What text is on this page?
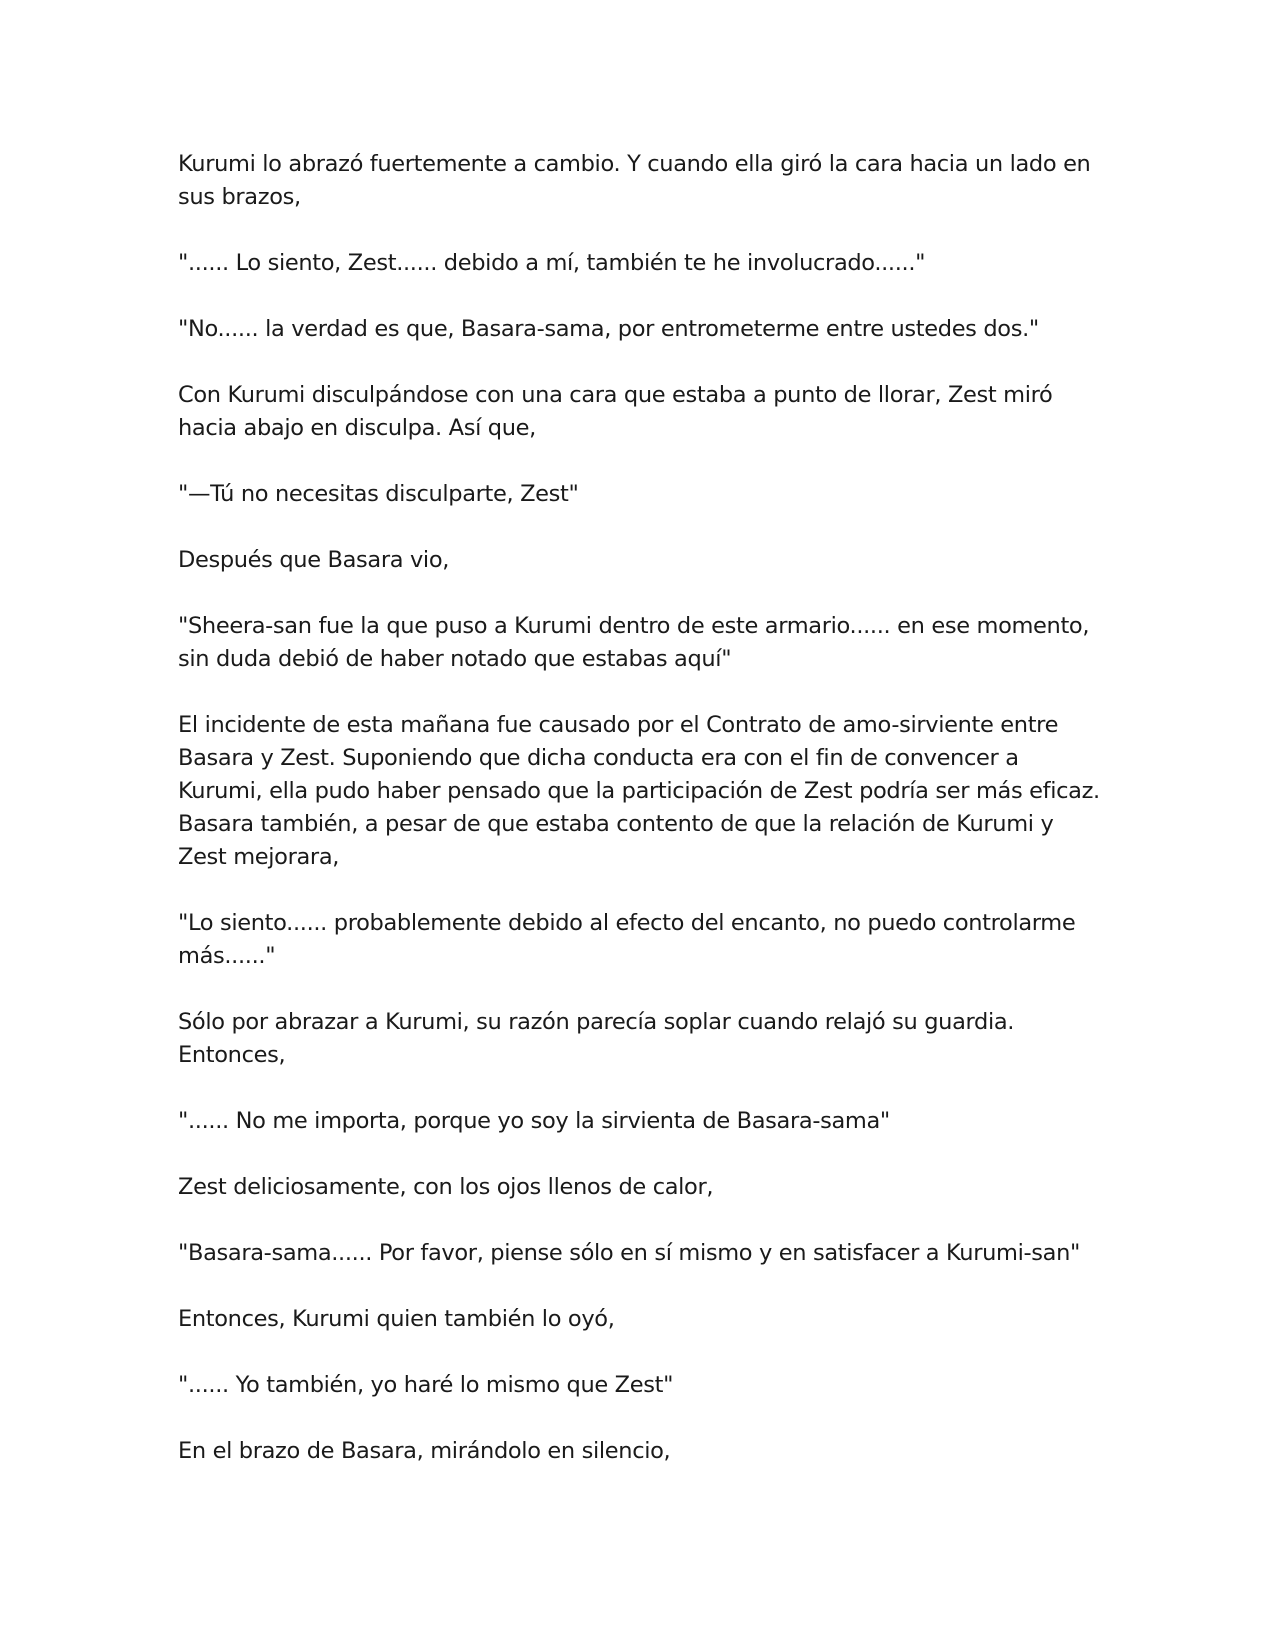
Kurumi lo abrazó fuertemente a cambio. Y cuando ella giró la cara hacia un lado en sus brazos,

"...... Lo siento, Zest...... debido a mí, también te he involucrado......"

"No...... la verdad es que, Basara-sama, por entrometerme entre ustedes dos."

Con Kurumi disculpándose con una cara que estaba a punto de llorar, Zest miró hacia abajo en disculpa. Así que,

"—Tú no necesitas disculparte, Zest"

Después que Basara vio,

"Sheera-san fue la que puso a Kurumi dentro de este armario...... en ese momento, sin duda debió de haber notado que estabas aquí"

El incidente de esta mañana fue causado por el Contrato de amo-sirviente entre Basara y Zest. Suponiendo que dicha conducta era con el fin de convencer a Kurumi, ella pudo haber pensado que la participación de Zest podría ser más eficaz. Basara también, a pesar de que estaba contento de que la relación de Kurumi y Zest mejorara,

"Lo siento...... probablemente debido al efecto del encanto, no puedo controlarme más......"

Sólo por abrazar a Kurumi, su razón parecía soplar cuando relajó su guardia. Entonces,

"...... No me importa, porque yo soy la sirvienta de Basara-sama"

Zest deliciosamente, con los ojos llenos de calor,

"Basara-sama...... Por favor, piense sólo en sí mismo y en satisfacer a Kurumi-san"

Entonces, Kurumi quien también lo oyó,

"...... Yo también, yo haré lo mismo que Zest"

En el brazo de Basara, mirándolo en silencio,
